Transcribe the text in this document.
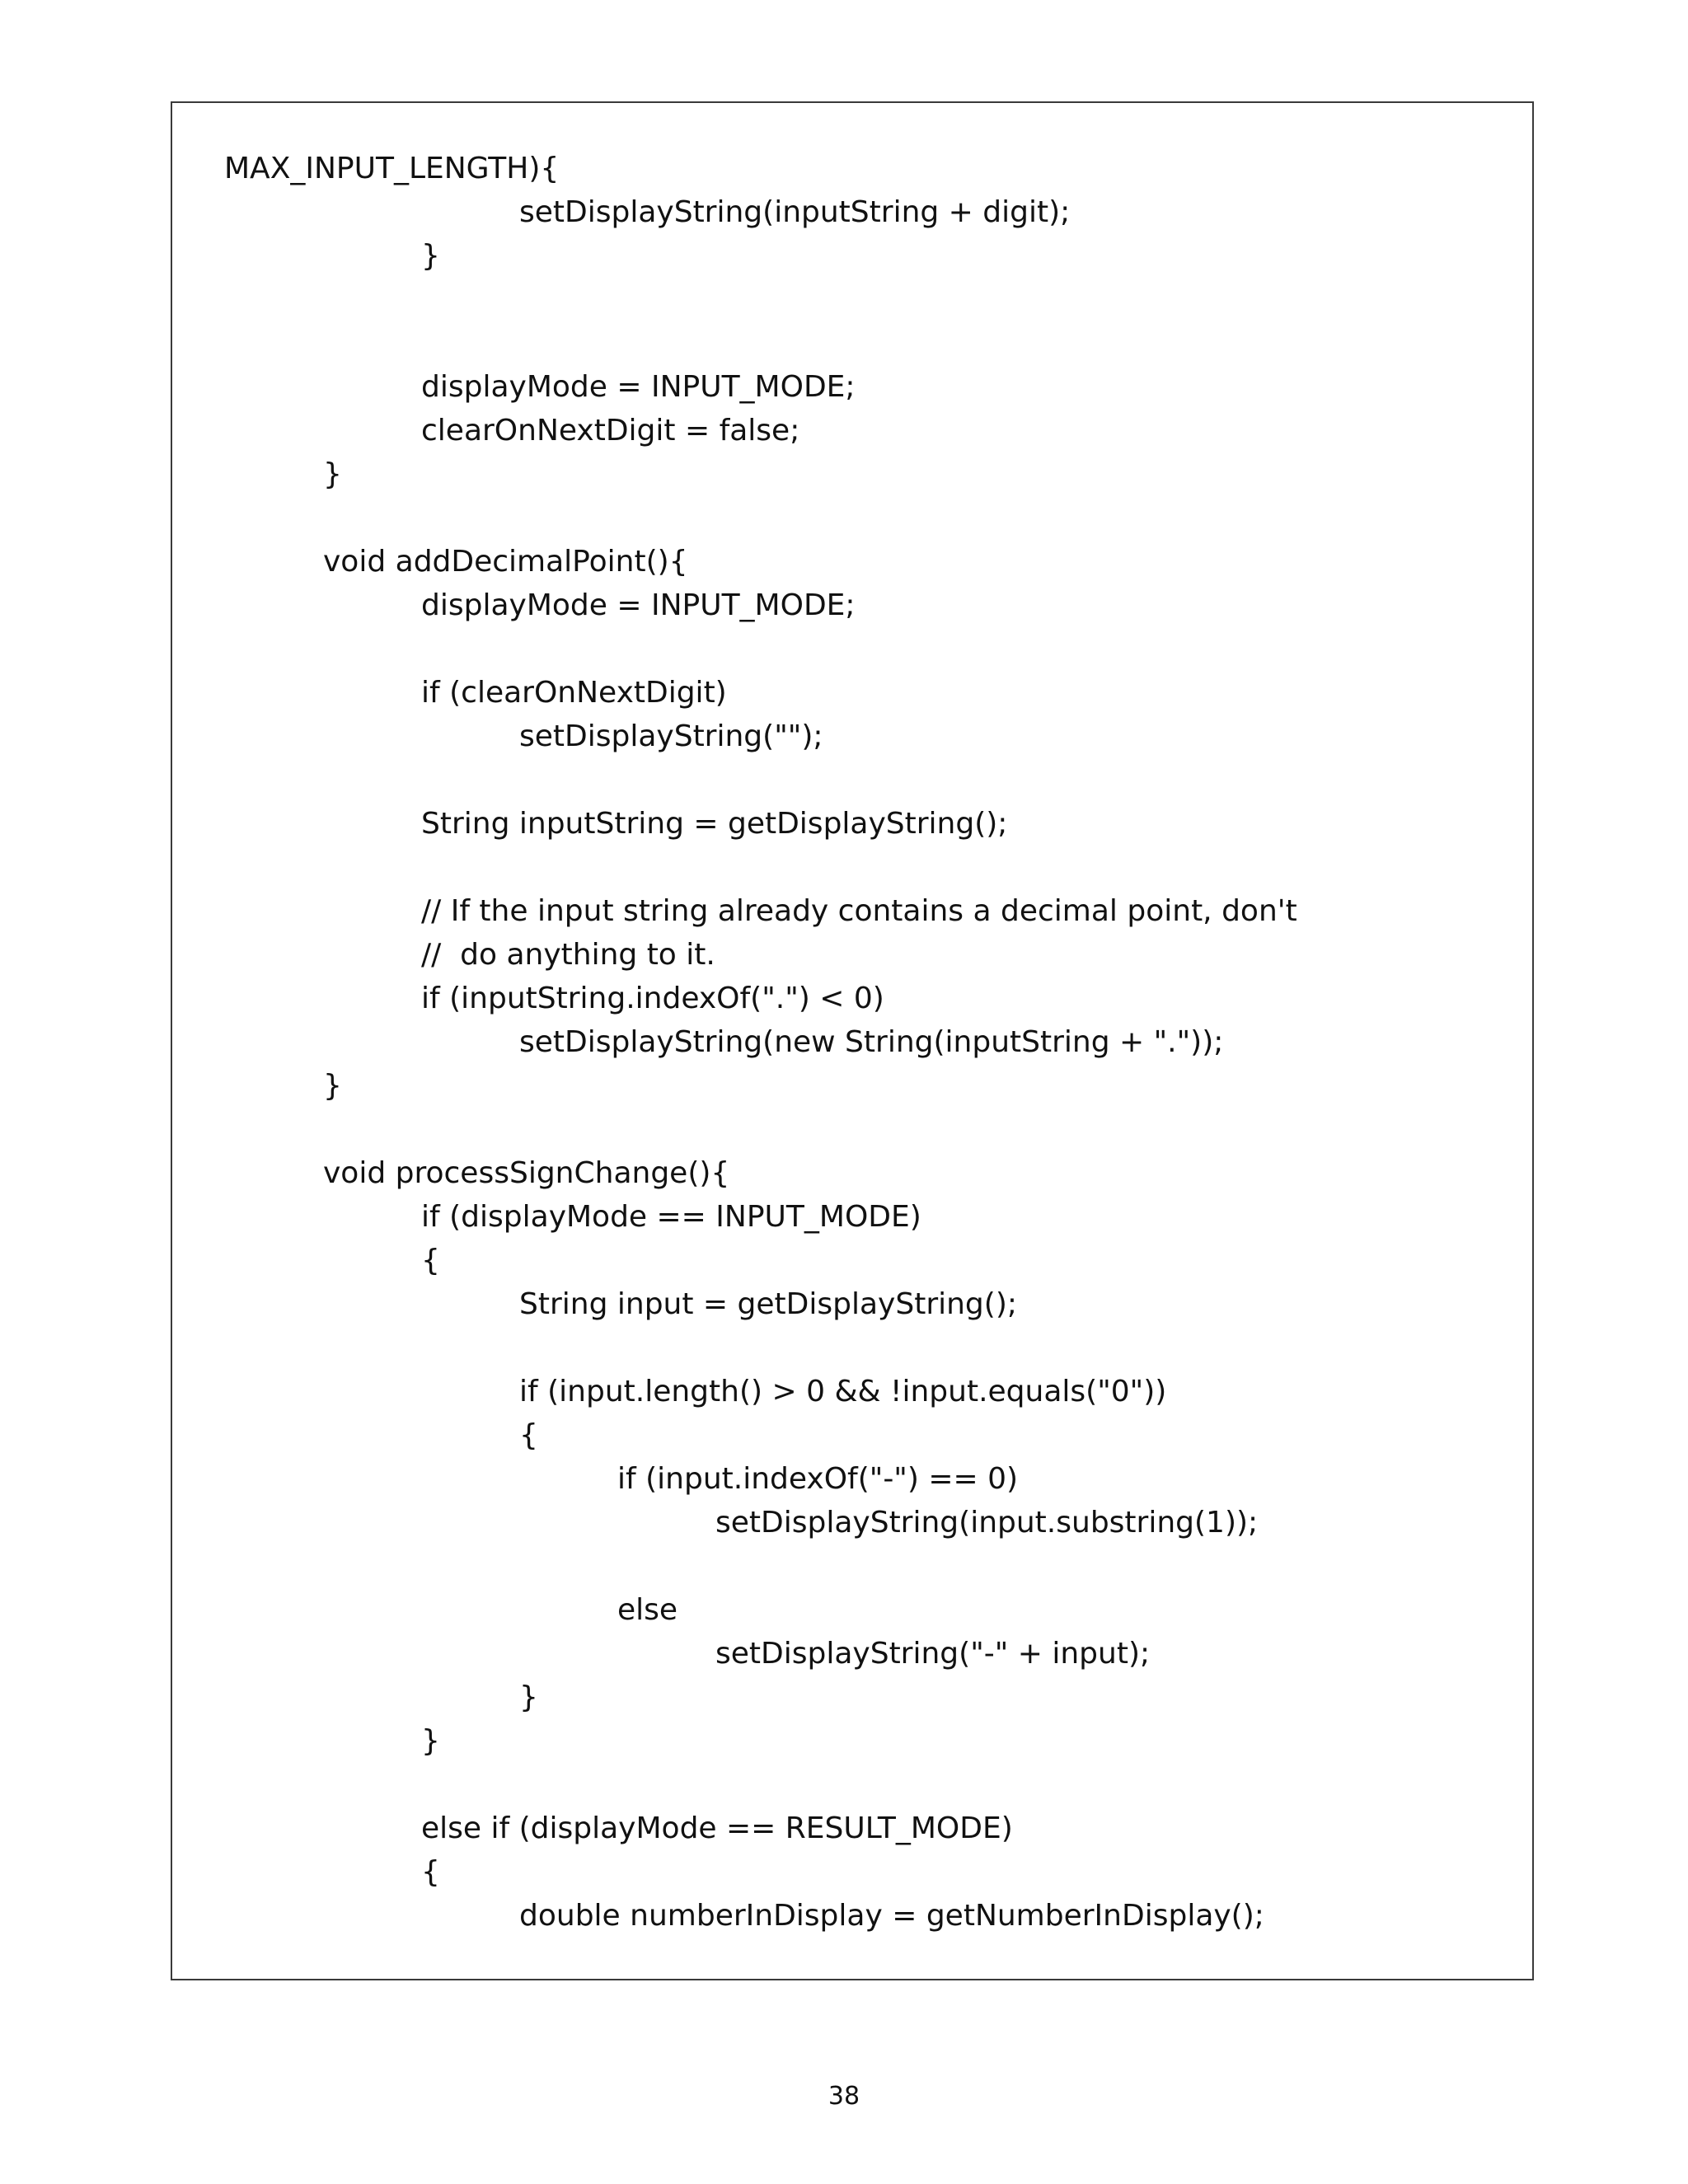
MAX_INPUT_LENGTH){
setDisplayString(inputString + digit);
}
displayMode = INPUT_MODE;
clearOnNextDigit = false;
}
void addDecimalPoint(){
displayMode = INPUT_MODE;
if (clearOnNextDigit)
setDisplayString("");
String inputString = getDisplayString();
// If the input string already contains a decimal point, don't
//  do anything to it.
if (inputString.indexOf(".") < 0)
setDisplayString(new String(inputString + "."));
}
void processSignChange(){
if (displayMode == INPUT_MODE)
{
String input = getDisplayString();
if (input.length() > 0 && !input.equals("0"))
{
if (input.indexOf("-") == 0)
setDisplayString(input.substring(1));
else
setDisplayString("-" + input);
}
}
else if (displayMode == RESULT_MODE)
{
double numberInDisplay = getNumberInDisplay();
38
